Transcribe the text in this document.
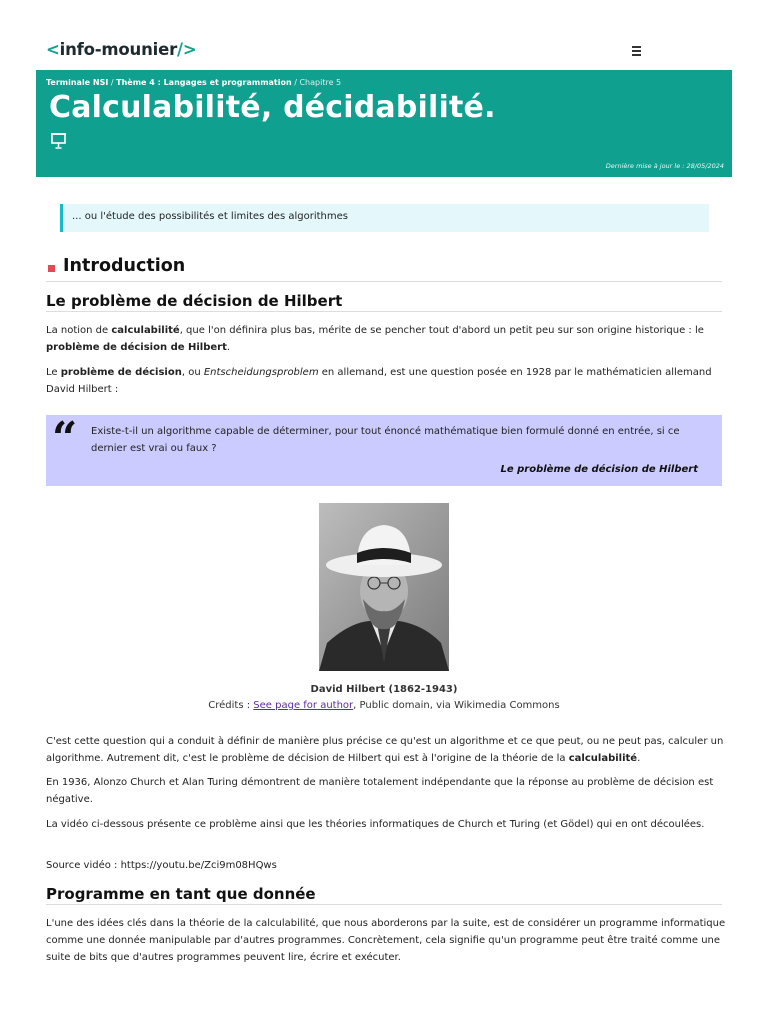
<info-mounier/>
Terminale NSI / Thème 4 : Langages et programmation / Chapitre 5
Calculabilité, décidabilité.
Dernière mise à jour le : 28/05/2024
... ou l'étude des possibilités et limites des algorithmes
Introduction
Le problème de décision de Hilbert
La notion de calculabilité, que l'on définira plus bas, mérite de se pencher tout d'abord un petit peu sur son origine historique : le problème de décision de Hilbert.
Le problème de décision, ou Entscheidungsproblem en allemand, est une question posée en 1928 par le mathématicien allemand David Hilbert :
“ Existe-t-il un algorithme capable de déterminer, pour tout énoncé mathématique bien formulé donné en entrée, si ce dernier est vrai ou faux ?
Le problème de décision de Hilbert
David Hilbert (1862-1943)
Crédits : See page for author, Public domain, via Wikimedia Commons
C'est cette question qui a conduit à définir de manière plus précise ce qu'est un algorithme et ce que peut, ou ne peut pas, calculer un algorithme. Autrement dit, c'est le problème de décision de Hilbert qui est à l'origine de la théorie de la calculabilité.
En 1936, Alonzo Church et Alan Turing démontrent de manière totalement indépendante que la réponse au problème de décision est négative.
La vidéo ci-dessous présente ce problème ainsi que les théories informatiques de Church et Turing (et Gödel) qui en ont découlées.
Source vidéo : https://youtu.be/Zci9m08HQws
Programme en tant que donnée
L'une des idées clés dans la théorie de la calculabilité, que nous aborderons par la suite, est de considérer un programme informatique comme une donnée manipulable par d'autres programmes. Concrètement, cela signifie qu'un programme peut être traité comme une suite de bits que d'autres programmes peuvent lire, écrire et exécuter.
